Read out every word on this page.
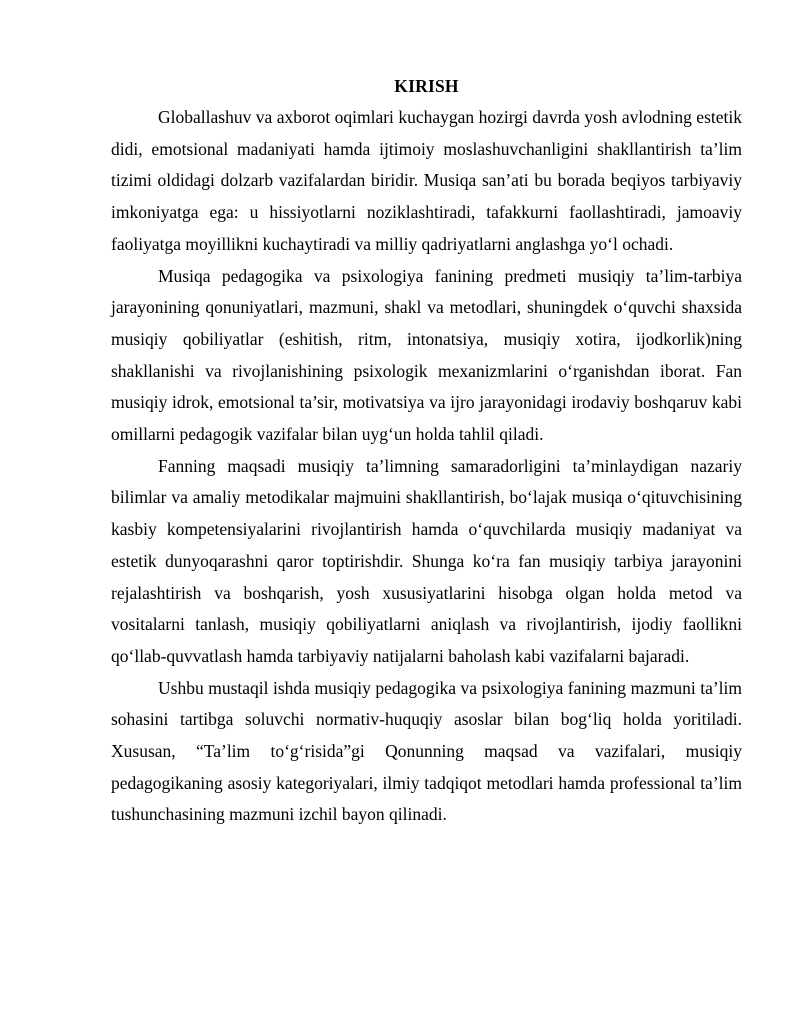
KIRISH

Globallashuv va axborot oqimlari kuchaygan hozirgi davrda yosh avlodning estetik didi, emotsional madaniyati hamda ijtimoiy moslashuvchanligini shakllantirish ta’lim tizimi oldidagi dolzarb vazifalardan biridir. Musiqa san’ati bu borada beqiyos tarbiyaviy imkoniyatga ega: u hissiyotlarni noziklashtiradi, tafakkurni faollashtiradi, jamoaviy faoliyatga moyillikni kuchaytiradi va milliy qadriyatlarni anglashga yo‘l ochadi.

Musiqa pedagogika va psixologiya fanining predmeti musiqiy ta’lim-tarbiya jarayonining qonuniyatlari, mazmuni, shakl va metodlari, shuningdek o‘quvchi shaxsida musiqiy qobiliyatlar (eshitish, ritm, intonatsiya, musiqiy xotira, ijodkorlik)ning shakllanishi va rivojlanishining psixologik mexanizmlarini o‘rganishdan iborat. Fan musiqiy idrok, emotsional ta’sir, motivatsiya va ijro jarayonidagi irodaviy boshqaruv kabi omillarni pedagogik vazifalar bilan uyg‘un holda tahlil qiladi.

Fanning maqsadi musiqiy ta’limning samaradorligini ta’minlaydigan nazariy bilimlar va amaliy metodikalar majmuini shakllantirish, bo‘lajak musiqa o‘qituvchisining kasbiy kompetensiyalarini rivojlantirish hamda o‘quvchilarda musiqiy madaniyat va estetik dunyoqarashni qaror toptirishdir. Shunga ko‘ra fan musiqiy tarbiya jarayonini rejalashtirish va boshqarish, yosh xususiyatlarini hisobga olgan holda metod va vositalarni tanlash, musiqiy qobiliyatlarni aniqlash va rivojlantirish, ijodiy faollikni qo‘llab-quvvatlash hamda tarbiyaviy natijalarni baholash kabi vazifalarni bajaradi.

Ushbu mustaqil ishda musiqiy pedagogika va psixologiya fanining mazmuni ta’lim sohasini tartibga soluvchi normativ-huquqiy asoslar bilan bog‘liq holda yoritiladi. Xususan, “Ta’lim to‘g‘risida”gi Qonunning maqsad va vazifalari, musiqiy pedagogikaning asosiy kategoriyalari, ilmiy tadqiqot metodlari hamda professional ta’lim tushunchasining mazmuni izchil bayon qilinadi.
